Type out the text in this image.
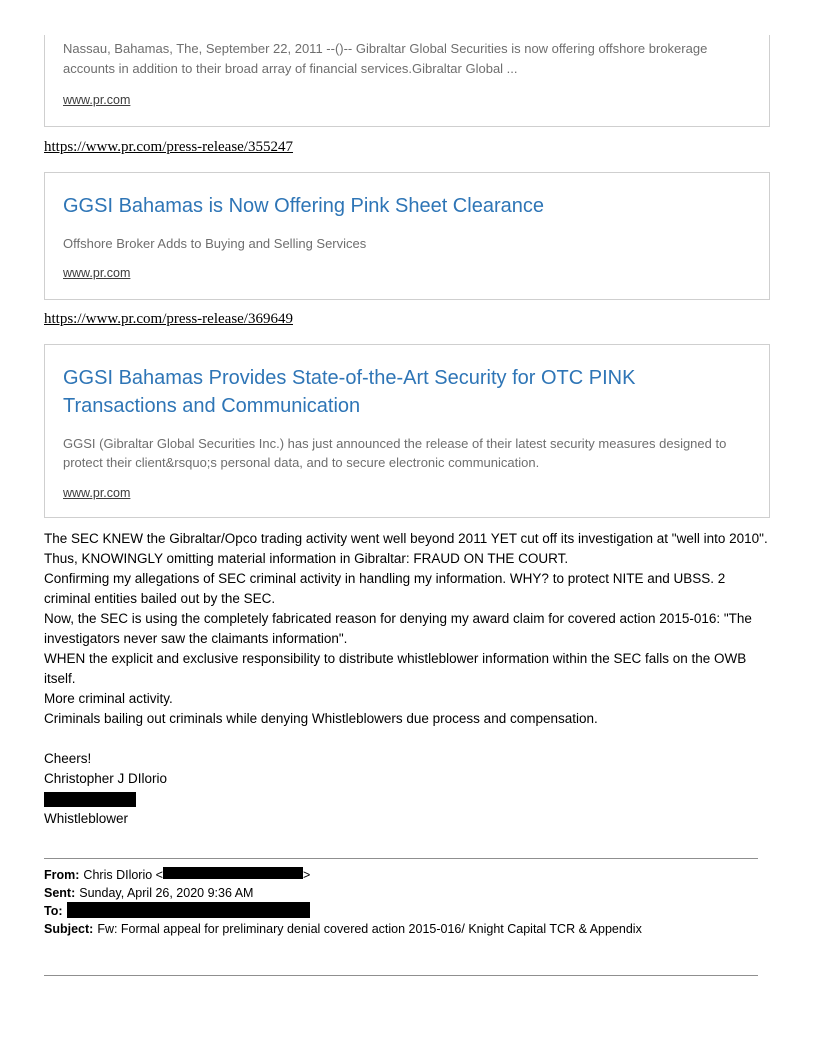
Nassau, Bahamas, The, September 22, 2011 --()-- Gibraltar Global Securities is now offering offshore brokerage accounts in addition to their broad array of financial services.Gibraltar Global ...
www.pr.com
https://www.pr.com/press-release/355247
GGSI Bahamas is Now Offering Pink Sheet Clearance
Offshore Broker Adds to Buying and Selling Services
www.pr.com
https://www.pr.com/press-release/369649
GGSI Bahamas Provides State-of-the-Art Security for OTC PINK Transactions and Communication
GGSI (Gibraltar Global Securities Inc.) has just announced the release of their latest security measures designed to protect their client&rsquo;s personal data, and to secure electronic communication.
www.pr.com
The SEC KNEW the Gibraltar/Opco trading activity went well beyond 2011 YET cut off its investigation at "well into 2010". Thus, KNOWINGLY omitting material information in Gibraltar: FRAUD ON THE COURT.
Confirming my allegations of SEC criminal activity in handling my information. WHY? to protect NITE and UBSS. 2 criminal entities bailed out by the SEC.
Now, the SEC is using the completely fabricated reason for denying my award claim for covered action 2015-016: "The investigators never saw the claimants information".
WHEN the explicit and exclusive responsibility to distribute whistleblower information within the SEC falls on the OWB itself.
More criminal activity.
Criminals bailing out criminals while denying Whistleblowers due process and compensation.
Cheers!
Christopher J DIlorio
Whistleblower
From: Chris DIlorio <	>
Sent: Sunday, April 26, 2020 9:36 AM
To:
Subject: Fw: Formal appeal for preliminary denial covered action 2015-016/ Knight Capital TCR & Appendix
